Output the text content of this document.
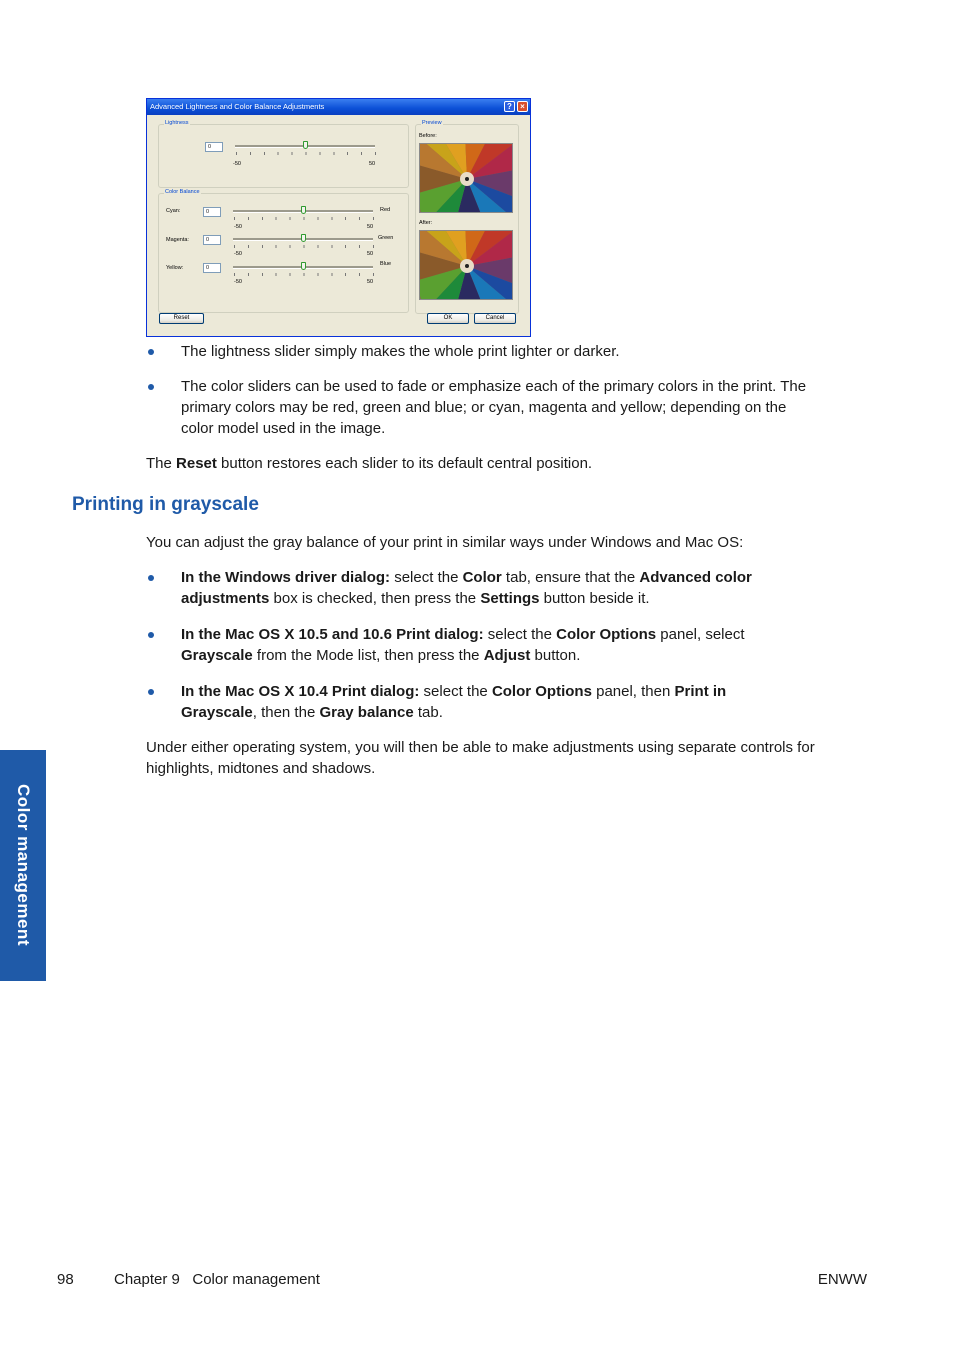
Advanced Lightness and Color Balance Adjustments	?	×
Lightness
0
-50	50
Color Balance
Cyan:	0	Red
-50	50
Magenta:	0	Green
-50	50
Yellow:	0
Blue
-50	50
Preview
Before:
After:
Reset	OK	Cancel
The lightness slider simply makes the whole print lighter or darker.
The color sliders can be used to fade or emphasize each of the primary colors in the print. The
primary colors may be red, green and blue; or cyan, magenta and yellow; depending on the
color model used in the image.
The Reset button restores each slider to its default central position.
Printing in grayscale
You can adjust the gray balance of your print in similar ways under Windows and Mac OS:
In the Windows driver dialog: select the Color tab, ensure that the Advanced color
adjustments box is checked, then press the Settings button beside it.
In the Mac OS X 10.5 and 10.6 Print dialog: select the Color Options panel, select
Grayscale from the Mode list, then press the Adjust button.
In the Mac OS X 10.4 Print dialog: select the Color Options panel, then Print in
Grayscale, then the Gray balance tab.
Under either operating system, you will then be able to make adjustments using separate controls for
highlights, midtones and shadows.
Color management
98	Chapter 9   Color management	ENWW
